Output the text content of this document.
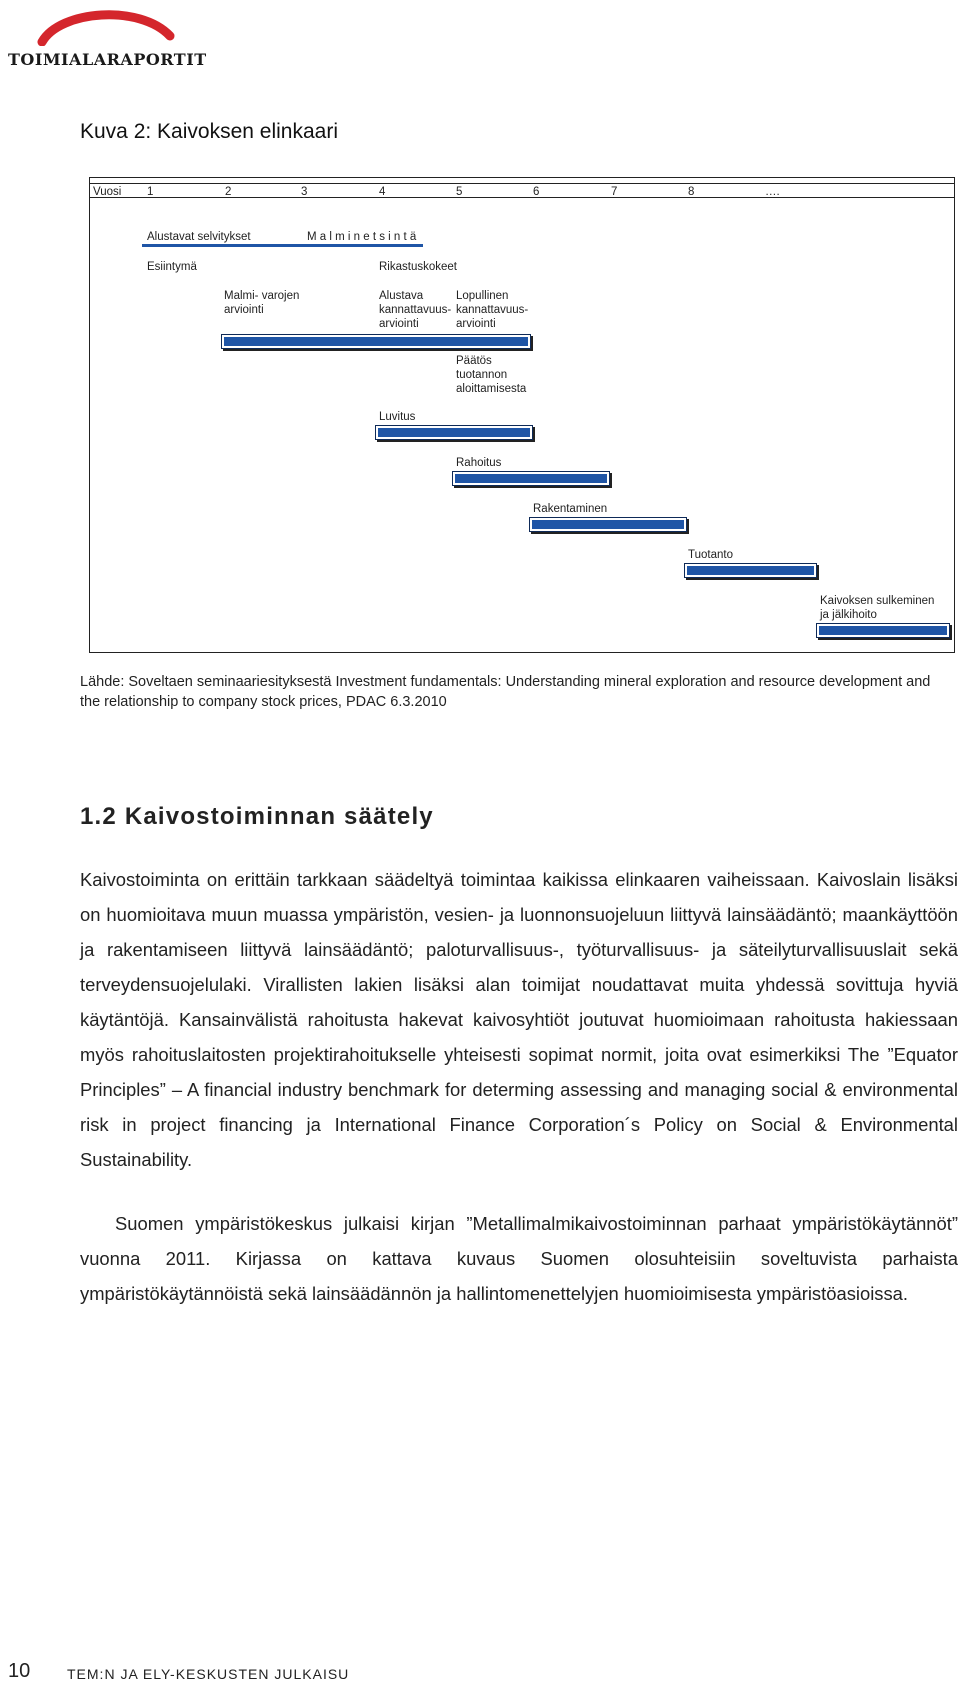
TOIMIALARAPORTIT
Kuva 2: Kaivoksen elinkaari
Vuosi 1	2	3	4	5	6	7	8	….
Alustavat selvitykset	M a l m i n e t s i n t ä
Esiintymä	Rikastuskokeet
Malmi- varojen
arviointi
Alustava
kannattavuus-
arviointi
Lopullinen
kannattavuus-
arviointi
Päätös
tuotannon
aloittamisesta
Luvitus
Rahoitus
Rakentaminen
Tuotanto
Kaivoksen sulkeminen
ja jälkihoito
Lähde: Soveltaen seminaariesityksestä Investment fundamentals: Understanding mineral exploration and resource development and the relationship to company stock prices, PDAC 6.3.2010
1.2 Kaivostoiminnan säätely
Kaivostoiminta on erittäin tarkkaan säädeltyä toimintaa kaikissa elinkaaren vaiheissaan. Kaivoslain lisäksi on huomioitava muun muassa ympäristön, vesien- ja luonnonsuojeluun liittyvä lainsäädäntö; maankäyttöön ja rakentamiseen liittyvä lainsäädäntö; paloturvallisuus-, työturvallisuus- ja säteilyturvallisuuslait sekä terveydensuojelulaki. Virallisten lakien lisäksi alan toimijat noudattavat muita yhdessä sovittuja hyviä käytäntöjä. Kansainvälistä rahoitusta hakevat kaivosyhtiöt joutuvat huomioimaan rahoitusta hakiessaan myös rahoituslaitosten projektirahoitukselle yhteisesti sopimat normit, joita ovat esimerkiksi The ”Equator Principles” – A financial industry benchmark for determing assessing and managing social & environmental risk in project financing ja International Finance Corporation´s Policy on Social & Environmental Sustainability.
Suomen ympäristökeskus julkaisi kirjan ”Metallimalmikaivostoiminnan parhaat ympäristökäytännöt” vuonna 2011. Kirjassa on kattava kuvaus Suomen olosuhteisiin soveltuvista parhaista ympäristökäytännöistä sekä lainsäädännön ja hallintomenettelyjen huomioimisesta ympäristöasioissa.
10	TEM:N JA ELY-KESKUSTEN JULKAISU
